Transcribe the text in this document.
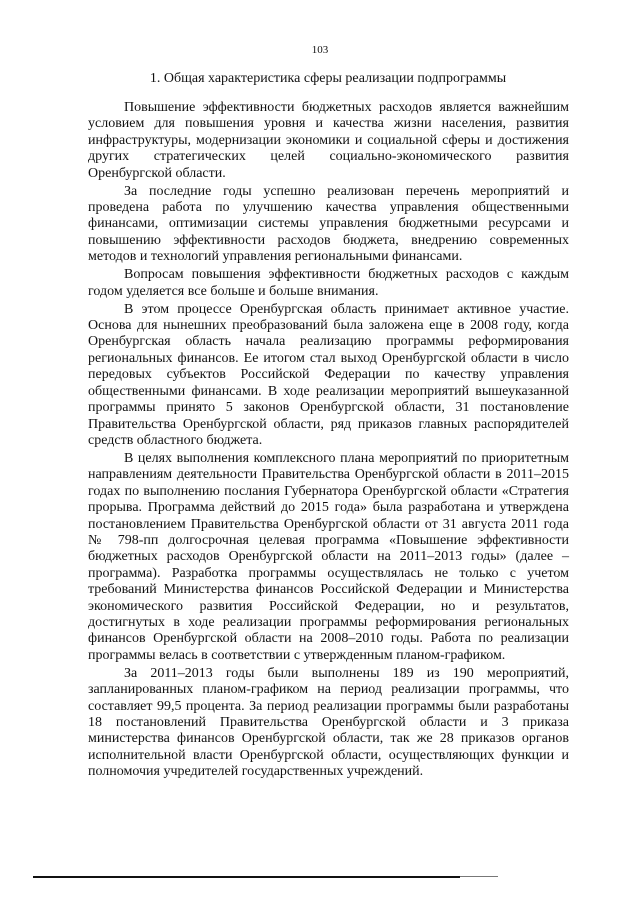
103
1. Общая характеристика сферы реализации подпрограммы

Повышение эффективности бюджетных расходов является важнейшим условием для повышения уровня и качества жизни населения, развития инфраструктуры, модернизации экономики и социальной сферы и достижения других стратегических целей социально-экономического развития Оренбургской области.

За последние годы успешно реализован перечень мероприятий и проведена работа по улучшению качества управления общественными финансами, оптимизации системы управления бюджетными ресурсами и повышению эффективности расходов бюджета, внедрению современных методов и технологий управления региональными финансами.

Вопросам повышения эффективности бюджетных расходов с каждым годом уделяется все больше и больше внимания.

В этом процессе Оренбургская область принимает активное участие. Основа для нынешних преобразований была заложена еще в 2008 году, когда Оренбургская область начала реализацию программы реформирования региональных финансов. Ее итогом стал выход Оренбургской области в число передовых субъектов Российской Федерации по качеству управления общественными финансами. В ходе реализации мероприятий вышеуказанной программы принято 5 законов Оренбургской области, 31 постановление Правительства Оренбургской области, ряд приказов главных распорядителей средств областного бюджета.

В целях выполнения комплексного плана мероприятий по приоритетным направлениям деятельности Правительства Оренбургской области в 2011–2015 годах по выполнению послания Губернатора Оренбургской области «Стратегия прорыва. Программа действий до 2015 года» была разработана и утверждена постановлением Правительства Оренбургской области от 31 августа 2011 года № 798-пп долгосрочная целевая программа «Повышение эффективности бюджетных расходов Оренбургской области на 2011–2013 годы» (далее – программа). Разработка программы осуществлялась не только с учетом требований Министерства финансов Российской Федерации и Министерства экономического развития Российской Федерации, но и результатов, достигнутых в ходе реализации программы реформирования региональных финансов Оренбургской области на 2008–2010 годы. Работа по реализации программы велась в соответствии с утвержденным планом-графиком.

За 2011–2013 годы были выполнены 189 из 190 мероприятий, запланированных планом-графиком на период реализации программы, что составляет 99,5 процента. За период реализации программы были разработаны 18 постановлений Правительства Оренбургской области и 3 приказа министерства финансов Оренбургской области, так же 28 приказов органов исполнительной власти Оренбургской области, осуществляющих функции и полномочия учредителей государственных учреждений.
